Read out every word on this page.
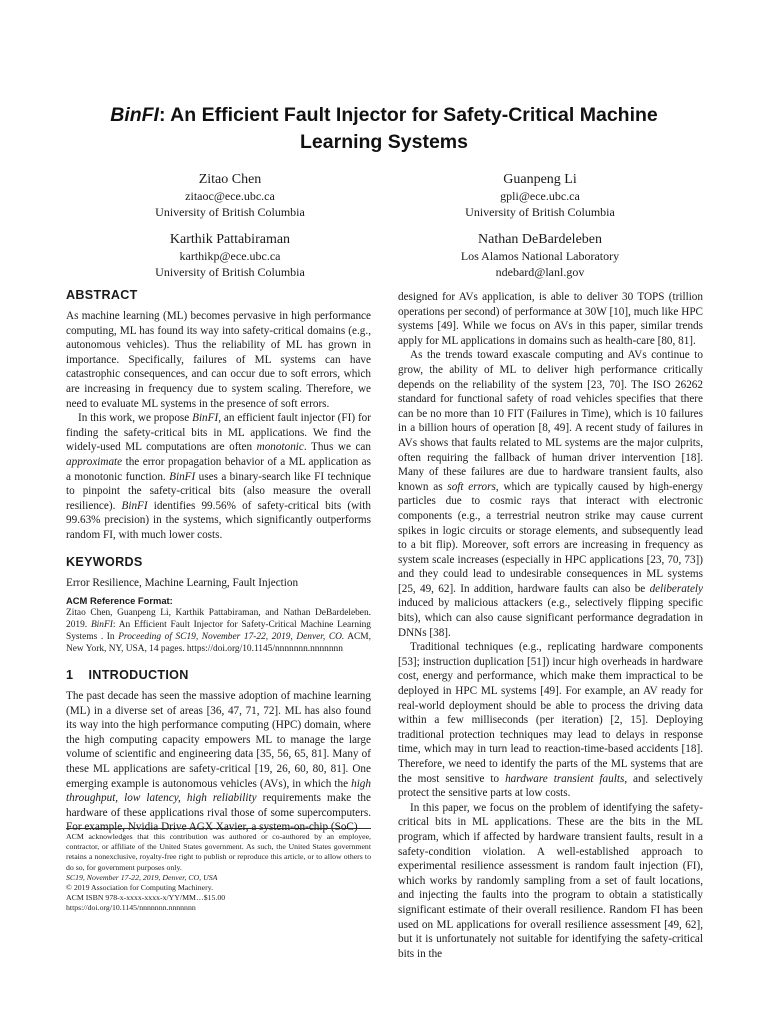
BinFI: An Efficient Fault Injector for Safety-Critical Machine
Learning Systems
Zitao Chen
zitaoc@ece.ubc.ca
University of British Columbia
Guanpeng Li
gpli@ece.ubc.ca
University of British Columbia
Karthik Pattabiraman
karthikp@ece.ubc.ca
University of British Columbia
Nathan DeBardeleben
Los Alamos National Laboratory
ndebard@lanl.gov
ABSTRACT

As machine learning (ML) becomes pervasive in high performance computing, ML has found its way into safety-critical domains (e.g., autonomous vehicles). Thus the reliability of ML has grown in importance. Specifically, failures of ML systems can have catastrophic consequences, and can occur due to soft errors, which are increasing in frequency due to system scaling. Therefore, we need to evaluate ML systems in the presence of soft errors.

In this work, we propose BinFI, an efficient fault injector (FI) for finding the safety-critical bits in ML applications. We find the widely-used ML computations are often monotonic. Thus we can approximate the error propagation behavior of a ML application as a monotonic function. BinFI uses a binary-search like FI technique to pinpoint the safety-critical bits (also measure the overall resilience). BinFI identifies 99.56% of safety-critical bits (with 99.63% precision) in the systems, which significantly outperforms random FI, with much lower costs.

KEYWORDS

Error Resilience, Machine Learning, Fault Injection

ACM Reference Format:
Zitao Chen, Guanpeng Li, Karthik Pattabiraman, and Nathan DeBardeleben. 2019. BinFI: An Efficient Fault Injector for Safety-Critical Machine Learning Systems . In Proceeding of SC19, November 17-22, 2019, Denver, CO. ACM, New York, NY, USA, 14 pages. https://doi.org/10.1145/nnnnnnn.nnnnnnn
1    INTRODUCTION

The past decade has seen the massive adoption of machine learning (ML) in a diverse set of areas [36, 47, 71, 72]. ML has also found its way into the high performance computing (HPC) domain, where the high computing capacity empowers ML to manage the large volume of scientific and engineering data [35, 56, 65, 81]. Many of these ML applications are safety-critical [19, 26, 60, 80, 81]. One emerging example is autonomous vehicles (AVs), in which the high throughput, low latency, high reliability requirements make the hardware of these applications rival those of some supercomputers. For example, Nvidia Drive AGX Xavier, a system-on-chip (SoC)

ACM acknowledges that this contribution was authored or co-authored by an employee, contractor, or affiliate of the United States government. As such, the United States government retains a nonexclusive, royalty-free right to publish or reproduce this article, or to allow others to do so, for government purposes only.
SC19, November 17-22, 2019, Denver, CO, USA
© 2019 Association for Computing Machinery.
ACM ISBN 978-x-xxxx-xxxx-x/YY/MM…$15.00
https://doi.org/10.1145/nnnnnnn.nnnnnnn

designed for AVs application, is able to deliver 30 TOPS (trillion operations per second) of performance at 30W [10], much like HPC systems [49]. While we focus on AVs in this paper, similar trends apply for ML applications in domains such as health-care [80, 81].

As the trends toward exascale computing and AVs continue to grow, the ability of ML to deliver high performance critically depends on the reliability of the system [23, 70]. The ISO 26262 standard for functional safety of road vehicles specifies that there can be no more than 10 FIT (Failures in Time), which is 10 failures in a billion hours of operation [8, 49]. A recent study of failures in AVs shows that faults related to ML systems are the major culprits, often requiring the fallback of human driver intervention [18]. Many of these failures are due to hardware transient faults, also known as soft errors, which are typically caused by high-energy particles due to cosmic rays that interact with electronic components (e.g., a terrestrial neutron strike may cause current spikes in logic circuits or storage elements, and subsequently lead to a bit flip). Moreover, soft errors are increasing in frequency as system scale increases (especially in HPC applications [23, 70, 73]) and they could lead to undesirable consequences in ML systems [25, 49, 62]. In addition, hardware faults can also be deliberately induced by malicious attackers (e.g., selectively flipping specific bits), which can also cause significant performance degradation in DNNs [38].

Traditional techniques (e.g., replicating hardware components [53]; instruction duplication [51]) incur high overheads in hardware cost, energy and performance, which make them impractical to be deployed in HPC ML systems [49]. For example, an AV ready for real-world deployment should be able to process the driving data within a few milliseconds (per iteration) [2, 15]. Deploying traditional protection techniques may lead to delays in response time, which may in turn lead to reaction-time-based accidents [18]. Therefore, we need to identify the parts of the ML systems that are the most sensitive to hardware transient faults, and selectively protect the sensitive parts at low costs.

In this paper, we focus on the problem of identifying the safety-critical bits in ML applications. These are the bits in the ML program, which if affected by hardware transient faults, result in a safety-condition violation. A well-established approach to experimental resilience assessment is random fault injection (FI), which works by randomly sampling from a set of fault locations, and injecting the faults into the program to obtain a statistically significant estimate of their overall resilience. Random FI has been used on ML applications for overall resilience assessment [49, 62], but it is unfortunately not suitable for identifying the safety-critical bits in the
